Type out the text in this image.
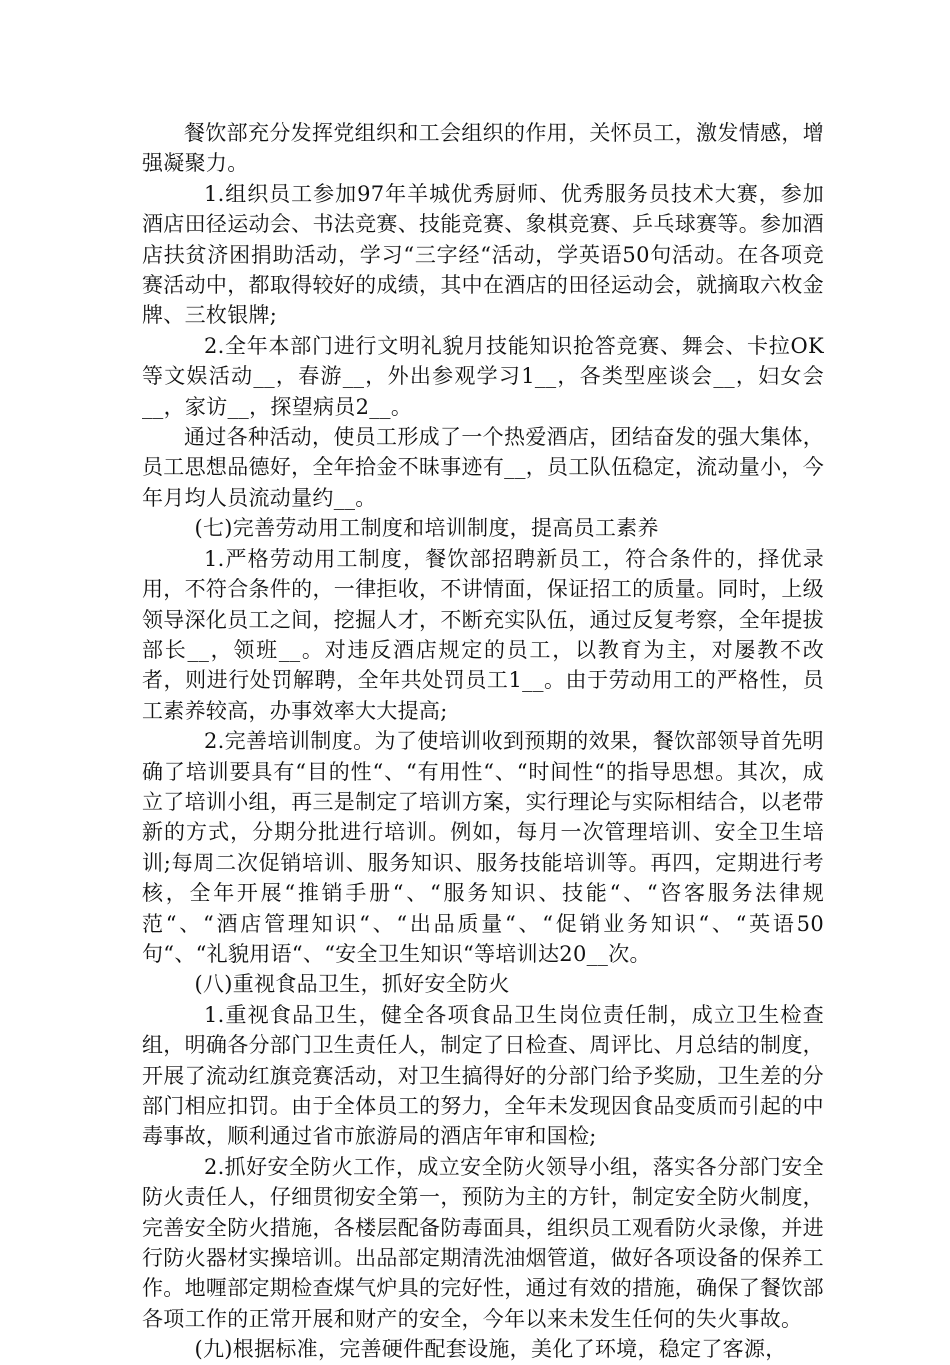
餐饮部充分发挥党组织和工会组织的作用，关怀员工，激发情感，增强凝聚力。

1.组织员工参加97年羊城优秀厨师、优秀服务员技术大赛，参加酒店田径运动会、书法竞赛、技能竞赛、象棋竞赛、乒乓球赛等。参加酒店扶贫济困捐助活动，学习“三字经“活动，学英语50句活动。在各项竞赛活动中，都取得较好的成绩，其中在酒店的田径运动会，就摘取六枚金牌、三枚银牌;

2.全年本部门进行文明礼貌月技能知识抢答竞赛、舞会、卡拉OK等文娱活动__，春游__，外出参观学习1__，各类型座谈会__，妇女会__，家访__，探望病员2__。

通过各种活动，使员工形成了一个热爱酒店，团结奋发的强大集体，员工思想品德好，全年拾金不昧事迹有__，员工队伍稳定，流动量小，今年月均人员流动量约__。

(七)完善劳动用工制度和培训制度，提高员工素养

1.严格劳动用工制度，餐饮部招聘新员工，符合条件的，择优录用，不符合条件的，一律拒收，不讲情面，保证招工的质量。同时，上级领导深化员工之间，挖掘人才，不断充实队伍，通过反复考察，全年提拔部长__，领班__。对违反酒店规定的员工，以教育为主，对屡教不改者，则进行处罚解聘，全年共处罚员工1__。由于劳动用工的严格性，员工素养较高，办事效率大大提高;

2.完善培训制度。为了使培训收到预期的效果，餐饮部领导首先明确了培训要具有“目的性“、“有用性“、“时间性“的指导思想。其次，成立了培训小组，再三是制定了培训方案，实行理论与实际相结合，以老带新的方式，分期分批进行培训。例如，每月一次管理培训、安全卫生培训;每周二次促销培训、服务知识、服务技能培训等。再四，定期进行考核，全年开展“推销手册“、“服务知识、技能“、“咨客服务法律规范“、“酒店管理知识“、“出品质量“、“促销业务知识“、“英语50句“、“礼貌用语“、“安全卫生知识“等培训达20__次。

(八)重视食品卫生，抓好安全防火

1.重视食品卫生，健全各项食品卫生岗位责任制，成立卫生检查组，明确各分部门卫生责任人，制定了日检查、周评比、月总结的制度，开展了流动红旗竞赛活动，对卫生搞得好的分部门给予奖励，卫生差的分部门相应扣罚。由于全体员工的努力，全年未发现因食品变质而引起的中毒事故，顺利通过省市旅游局的酒店年审和国检;

2.抓好安全防火工作，成立安全防火领导小组，落实各分部门安全防火责任人，仔细贯彻安全第一，预防为主的方针，制定安全防火制度，完善安全防火措施，各楼层配备防毒面具，组织员工观看防火录像，并进行防火器材实操培训。出品部定期清洗油烟管道，做好各项设备的保养工作。地喱部定期检查煤气炉具的完好性，通过有效的措施，确保了餐饮部各项工作的正常开展和财产的安全，今年以来未发生任何的失火事故。

(九)根据标准，完善硬件配套设施，美化了环境，稳定了客源，
